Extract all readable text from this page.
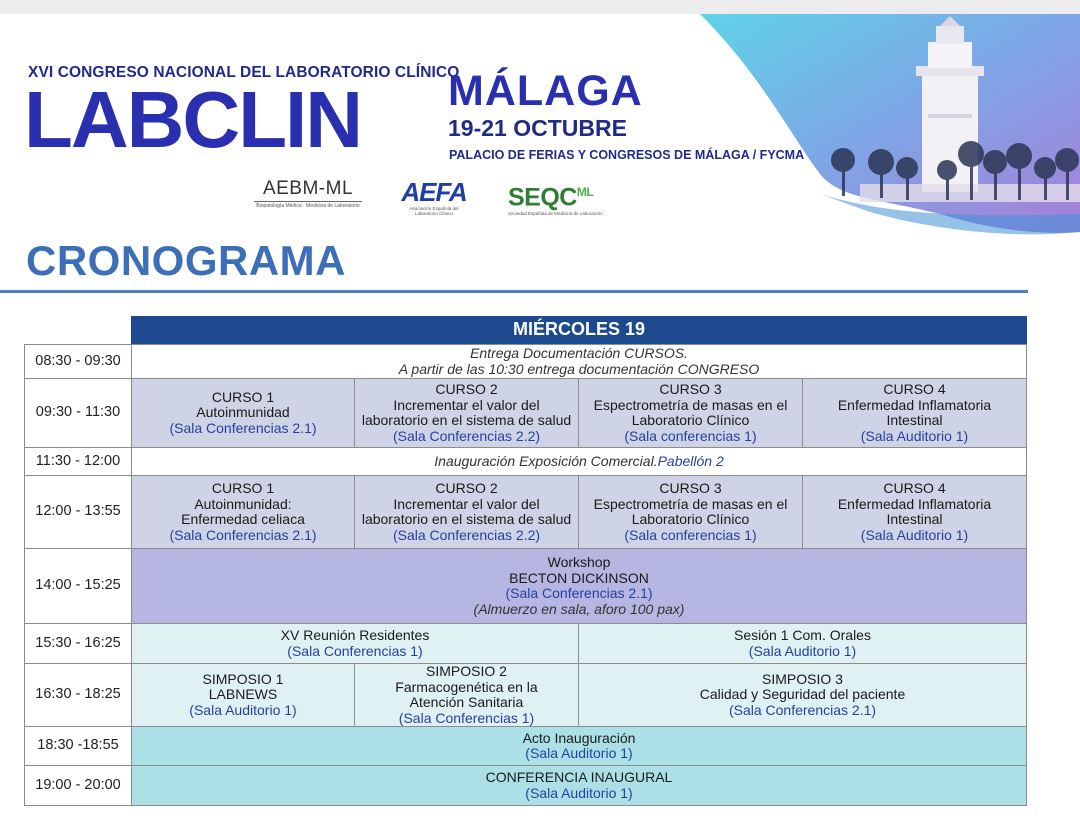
XVI CONGRESO NACIONAL DEL LABORATORIO CLÍNICO
LABCLIN MÁLAGA
19-21 OCTUBRE
PALACIO DE FERIAS Y CONGRESOS DE MÁLAGA / FYCMA
AEBM-ML
Biopatología Médica · Medicina de Laboratorio AEFA
Asociación Española del Laboratorio Clínico
$SEQC^{ML}$
Sociedad Española de Medicina de Laboratorio
CRONOGRAMA
MIÉRCOLES 19
08:30 - 09:30
09:30 - 11:30
11:30 - 12:00
12:00 - 13:55
14:00 - 15:25
15:30 - 16:25
16:30 - 18:25
18:30 -18:55
19:00 - 20:00
Entrega Documentación CURSOS.
A partir de las 10:30 entrega documentación CONGRESO
CURSO 1
Autoinmunidad
(Sala Conferencias 2.1)
CURSO 2
Incrementar el valor del
laboratorio en el sistema de salud
(Sala Conferencias 2.2)
CURSO 3
Espectrometría de masas en el
Laboratorio Clínico
(Sala conferencias 1)
CURSO 4
Enfermedad Inflamatoria
Intestinal
(Sala Auditorio 1)
Inauguración Exposición Comercial. Pabellón 2
CURSO 1
Autoinmunidad:
Enfermedad celiaca
(Sala Conferencias 2.1)
CURSO 2
Incrementar el valor del
laboratorio en el sistema de salud
(Sala Conferencias 2.2)
CURSO 3
Espectrometría de masas en el
Laboratorio Clínico
(Sala conferencias 1)
CURSO 4
Enfermedad Inflamatoria
Intestinal
(Sala Auditorio 1)
Workshop
BECTON DICKINSON
(Sala Conferencias 2.1)
(Almuerzo en sala, aforo 100 pax)
XV Reunión Residentes
(Sala Conferencias 1)
Sesión 1 Com. Orales
(Sala Auditorio 1)
SIMPOSIO 1
LABNEWS
(Sala Auditorio 1)
SIMPOSIO 2
Farmacogenética en la
Atención Sanitaria
(Sala Conferencias 1)
SIMPOSIO 3
Calidad y Seguridad del paciente
(Sala Conferencias 2.1)
Acto Inauguración
(Sala Auditorio 1)
CONFERENCIA INAUGURAL
(Sala Auditorio 1)
